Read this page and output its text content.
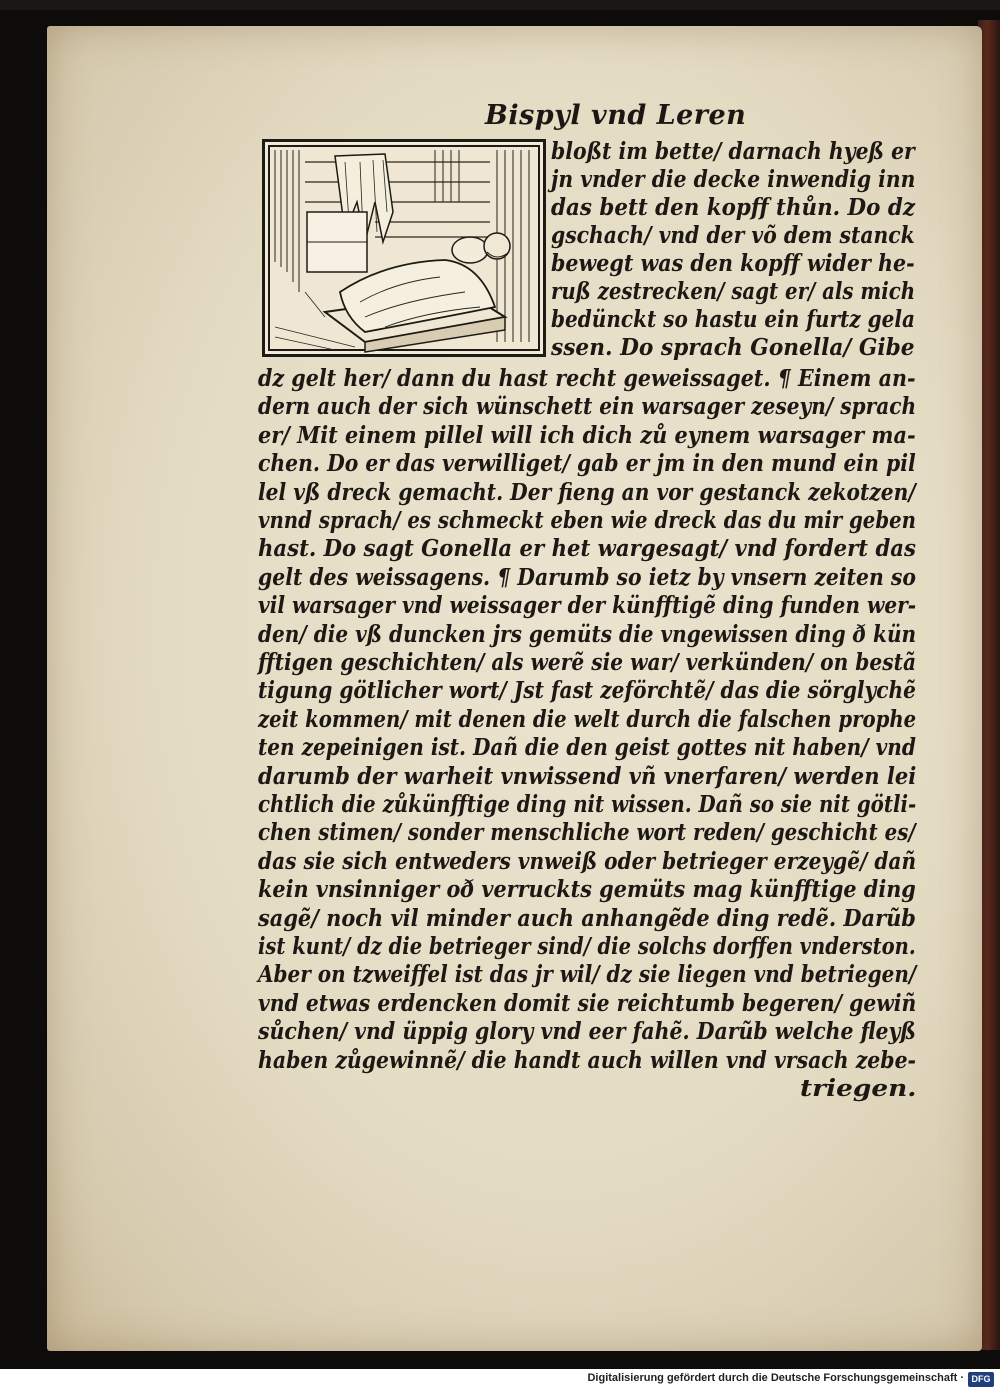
Bispyl vnd Leren
bloßt im bette/ darnach hyeß er
jn vnder die decke inwendig inn
das bett den kopff thůn. Do dz
gschach/ vnd der võ dem stanck
bewegt was den kopff wider he-
ruß zestrecken/ sagt er/ als mich
bedünckt so hastu ein furtz gela
ssen. Do sprach Gonella/ Gibe
dz gelt her/ dann du hast recht geweissaget. ¶ Einem an-
dern auch der sich wünschett ein warsager zeseyn/ sprach
er/ Mit einem pillel will ich dich zů eynem warsager ma-
chen. Do er das verwilliget/ gab er jm in den mund ein pil
lel vß dreck gemacht. Der fieng an vor gestanck zekotzen/
vnnd sprach/ es schmeckt eben wie dreck das du mir geben
hast. Do sagt Gonella er het wargesagt/ vnd fordert das
gelt des weissagens. ¶ Darumb so ietz by vnsern zeiten so
vil warsager vnd weissager der künfftigẽ ding funden wer-
den/ die vß duncken jrs gemüts die vngewissen ding ð kün
fftigen geschichten/ als werẽ sie war/ verkünden/ on bestã
tigung götlicher wort/ Jst fast zeförchtẽ/ das die sörglychẽ
zeit kommen/ mit denen die welt durch die falschen prophe
ten zepeinigen ist. Dañ die den geist gottes nit haben/ vnd
darumb der warheit vnwissend vñ vnerfaren/ werden lei
chtlich die zůkünfftige ding nit wissen. Dañ so sie nit götli-
chen stimen/ sonder menschliche wort reden/ geschicht es/
das sie sich entweders vnweiß oder betrieger erzeygẽ/ dañ
kein vnsinniger oð verruckts gemüts mag künfftige ding
sagẽ/ noch vil minder auch anhangẽde ding redẽ. Darũb
ist kunt/ dz die betrieger sind/ die solchs dorffen vnderston.
Aber on tzweiffel ist das jr wil/ dz sie liegen vnd betriegen/
vnd etwas erdencken domit sie reichtumb begeren/ gewiñ
sůchen/ vnd üppig glory vnd eer fahẽ. Darũb welche fleyß
haben zůgewinnẽ/ die handt auch willen vnd vrsach zebe-
triegen.
Digitalisierung gefördert durch die Deutsche Forschungsgemeinschaft · DFG
